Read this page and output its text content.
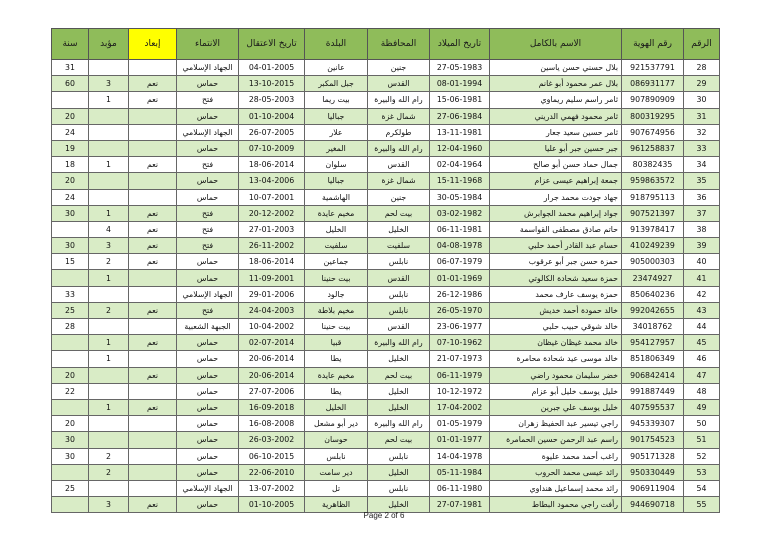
سنة	مؤبد	إبعاد	الانتماء	تاريخ الاعتقال	البلدة	المحافظة	تاريخ الميلاد	الاسم بالكامل	رقم الهوية	الرقم
31			الجهاد الإسلامي	04-01-2005	عانين	جنين	27-05-1983	بلال حسني حسن ياسين	921537791	28
60	3	نعم	حماس	13-10-2015	جبل المكبر	القدس	08-01-1994	بلال عمر محمود أبو غانم	086931177	29
	1	نعم	فتح	28-05-2003	بيت ريما	رام الله والبيرة	15-06-1981	ثامر راسم سليم ريماوي	907890909	30
20			حماس	01-10-2004	جباليا	شمال غزة	27-06-1984	ثامر محمود فهمي الدريني	800319295	31
24			الجهاد الإسلامي	26-07-2005	علار	طولكرم	13-11-1981	ثامر حسين سعيد جعار	907674956	32
19			حماس	07-10-2009	المغير	رام الله والبيرة	12-04-1960	جبر حسين جبر أبو عليا	961258837	33
18	1	نعم	فتح	18-06-2014	سلوان	القدس	02-04-1964	جمال حماد حسن أبو صالح	80382435	34
20			حماس	13-04-2006	جباليا	شمال غزة	15-11-1968	جمعة إبراهيم عيسى عزام	959863572	35
24			حماس	10-07-2001	الهاشمية	جنين	30-05-1984	جهاد جودت محمد جرار	918795113	36
30	1	نعم	فتح	20-12-2002	مخيم عايدة	بيت لحم	03-02-1982	جواد إبراهيم محمد الجوابرش	907521397	37
	4	نعم	فتح	27-01-2003	الخليل	الخليل	06-11-1981	حاتم صادق مصطفى القواسمة	913978417	38
30	3	نعم	فتح	26-11-2002	سلفيت	سلفيت	04-08-1978	حسام عبد القادر أحمد حلبي	410249239	39
15	2	نعم	حماس	18-06-2014	جماعين	نابلس	06-07-1979	حمزة حسن جبر أبو عرقوب	905000303	40
	1		حماس	11-09-2001	بيت حنينا	القدس	01-01-1969	حمزة سعيد شحادة الكالوتي	23474927	41
33			الجهاد الإسلامي	29-01-2006	جالود	نابلس	26-12-1986	حمزة يوسف عارف محمد	850640236	42
25	2	نعم	فتح	24-04-2003	مخيم بلاطة	نابلس	26-05-1970	خالد حمودة أحمد خديش	992042655	43
28			الجبهة الشعبية	10-04-2002	بيت حنينا	القدس	23-06-1977	خالد شوقي حبيب حلبي	34018762	44
	1	نعم	حماس	02-07-2014	قبيا	رام الله والبيرة	07-10-1962	خالد محمد غيظان غيظان	954127957	45
	1		حماس	20-06-2014	يطا	الخليل	21-07-1973	خالد موسى عيد شحادة محامرة	851806349	46
20		نعم	حماس	20-06-2014	مخيم عايدة	بيت لحم	06-11-1979	خضر سليمان محمود راضي	906842414	47
22			حماس	27-07-2006	يطا	الخليل	10-12-1972	خليل يوسف خليل أبو عزام	991887449	48
	1	نعم	حماس	16-09-2018	الخليل	الخليل	17-04-2002	خليل يوسف علي جبرين	407595537	49
20			حماس	16-08-2008	دير أبو مشعل	رام الله والبيرة	01-05-1979	راجي تيسير عبد الحفيظ زهران	945339307	50
30			حماس	26-03-2002	حوسان	بيت لحم	01-01-1977	راسم عبد الرحمن حسين الحمامرة	901754523	51
30	2		حماس	06-10-2015	نابلس	نابلس	14-04-1978	راغب أحمد محمد عليوة	905171328	52
	2		حماس	22-06-2010	دير سامت	الخليل	05-11-1984	رائد عيسى محمد الحروب	950330449	53
25			الجهاد الإسلامي	13-07-2002	تل	نابلس	06-11-1980	رائد محمد إسماعيل هنداوي	906911904	54
	3	نعم	حماس	01-10-2005	الظاهرية	الخليل	27-07-1981	رأفت راجي محمود البطاط	944690718	55
Page 2 of 6
